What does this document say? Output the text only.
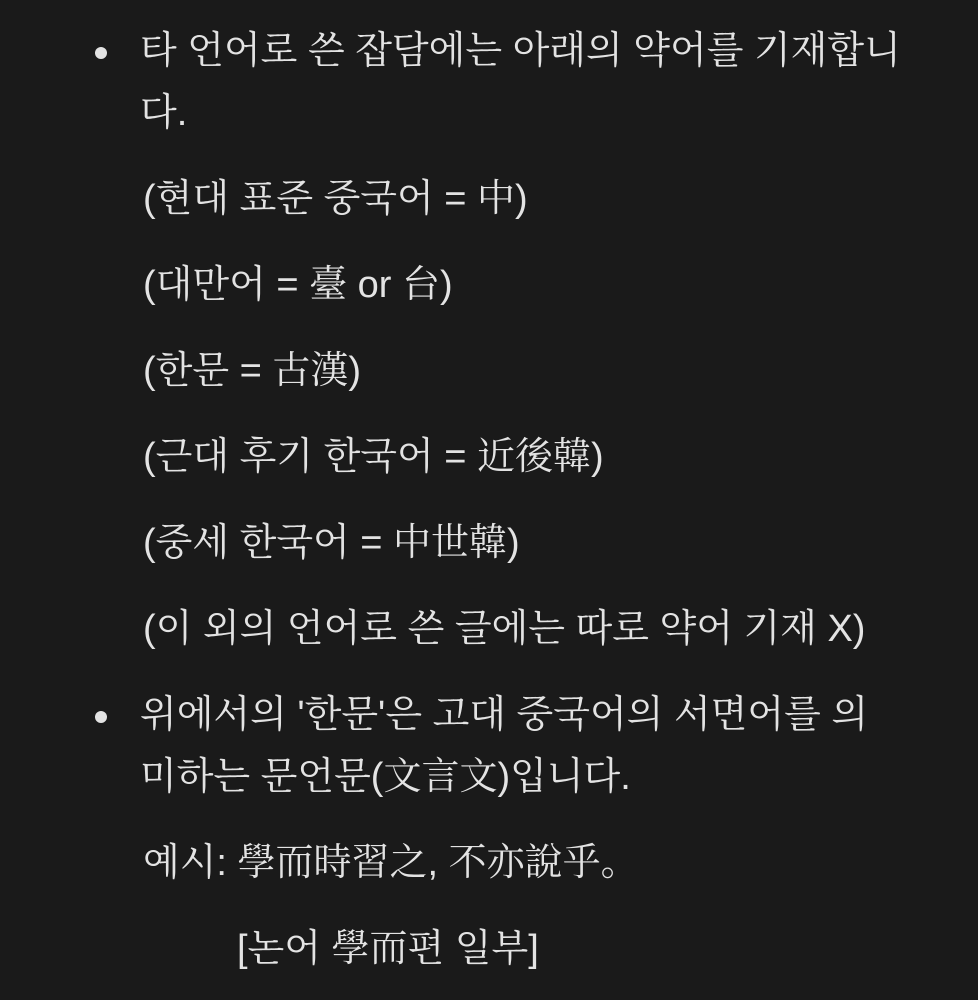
타 언어로 쓴 잡담에는 아래의 약어를 기재합니
다.
(현대 표준 중국어 = 中)
(대만어 = 臺 or 台)
(한문 = 古漢)
(근대 후기 한국어 = 近後韓)
(중세 한국어 = 中世韓)
(이 외의 언어로 쓴 글에는 따로 약어 기재 X)
위에서의 '한문'은 고대 중국어의 서면어를 의
미하는 문언문(文言文)입니다.
예시: 學而時習之, 不亦說乎。
[논어 學而편 일부]
